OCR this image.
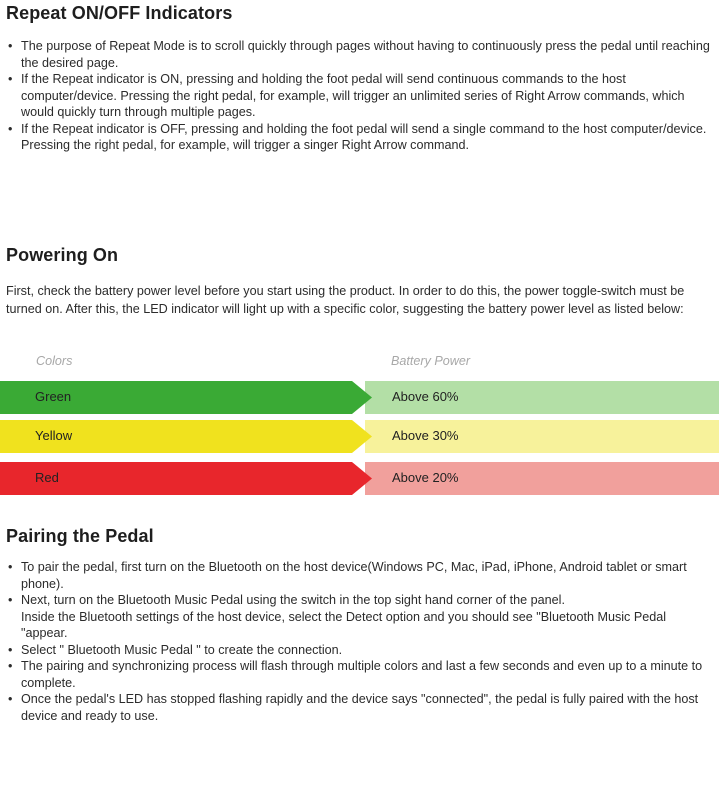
Repeat ON/OFF Indicators
• The purpose of Repeat Mode is to scroll quickly through pages without having to continuously press the pedal until reaching the desired page.
• If the Repeat indicator is ON, pressing and holding the foot pedal will send continuous commands to the host computer/device. Pressing the right pedal, for example, will trigger an unlimited series of Right Arrow commands, which would quickly turn through multiple pages.
• If the Repeat indicator is OFF, pressing and holding the foot pedal will send a single command to the host computer/device. Pressing the right pedal, for example, will trigger a singer Right Arrow command.
Powering On

First, check the battery power level before you start using the product. In order to do this, the power toggle-switch must be turned on. After this, the LED indicator will light up with a specific color, suggesting the battery power level as listed below:

Colors	Battery Power
Green	Above 60%
Yellow	Above 30%
Red	Above 20%
Pairing the Pedal
• To pair the pedal, first turn on the Bluetooth on the host device(Windows PC, Mac, iPad, iPhone, Android tablet or smart phone).
• Next, turn on the Bluetooth Music Pedal using the switch in the top sight hand corner of the panel.
Inside the Bluetooth settings of the host device, select the Detect option and you should see "Bluetooth Music Pedal "appear.
• Select " Bluetooth Music Pedal " to create the connection.
• The pairing and synchronizing process will flash through multiple colors and last a few seconds and even up to a minute to complete.
• Once the pedal's LED has stopped flashing rapidly and the device says "connected", the pedal is fully paired with the host device and ready to use.
